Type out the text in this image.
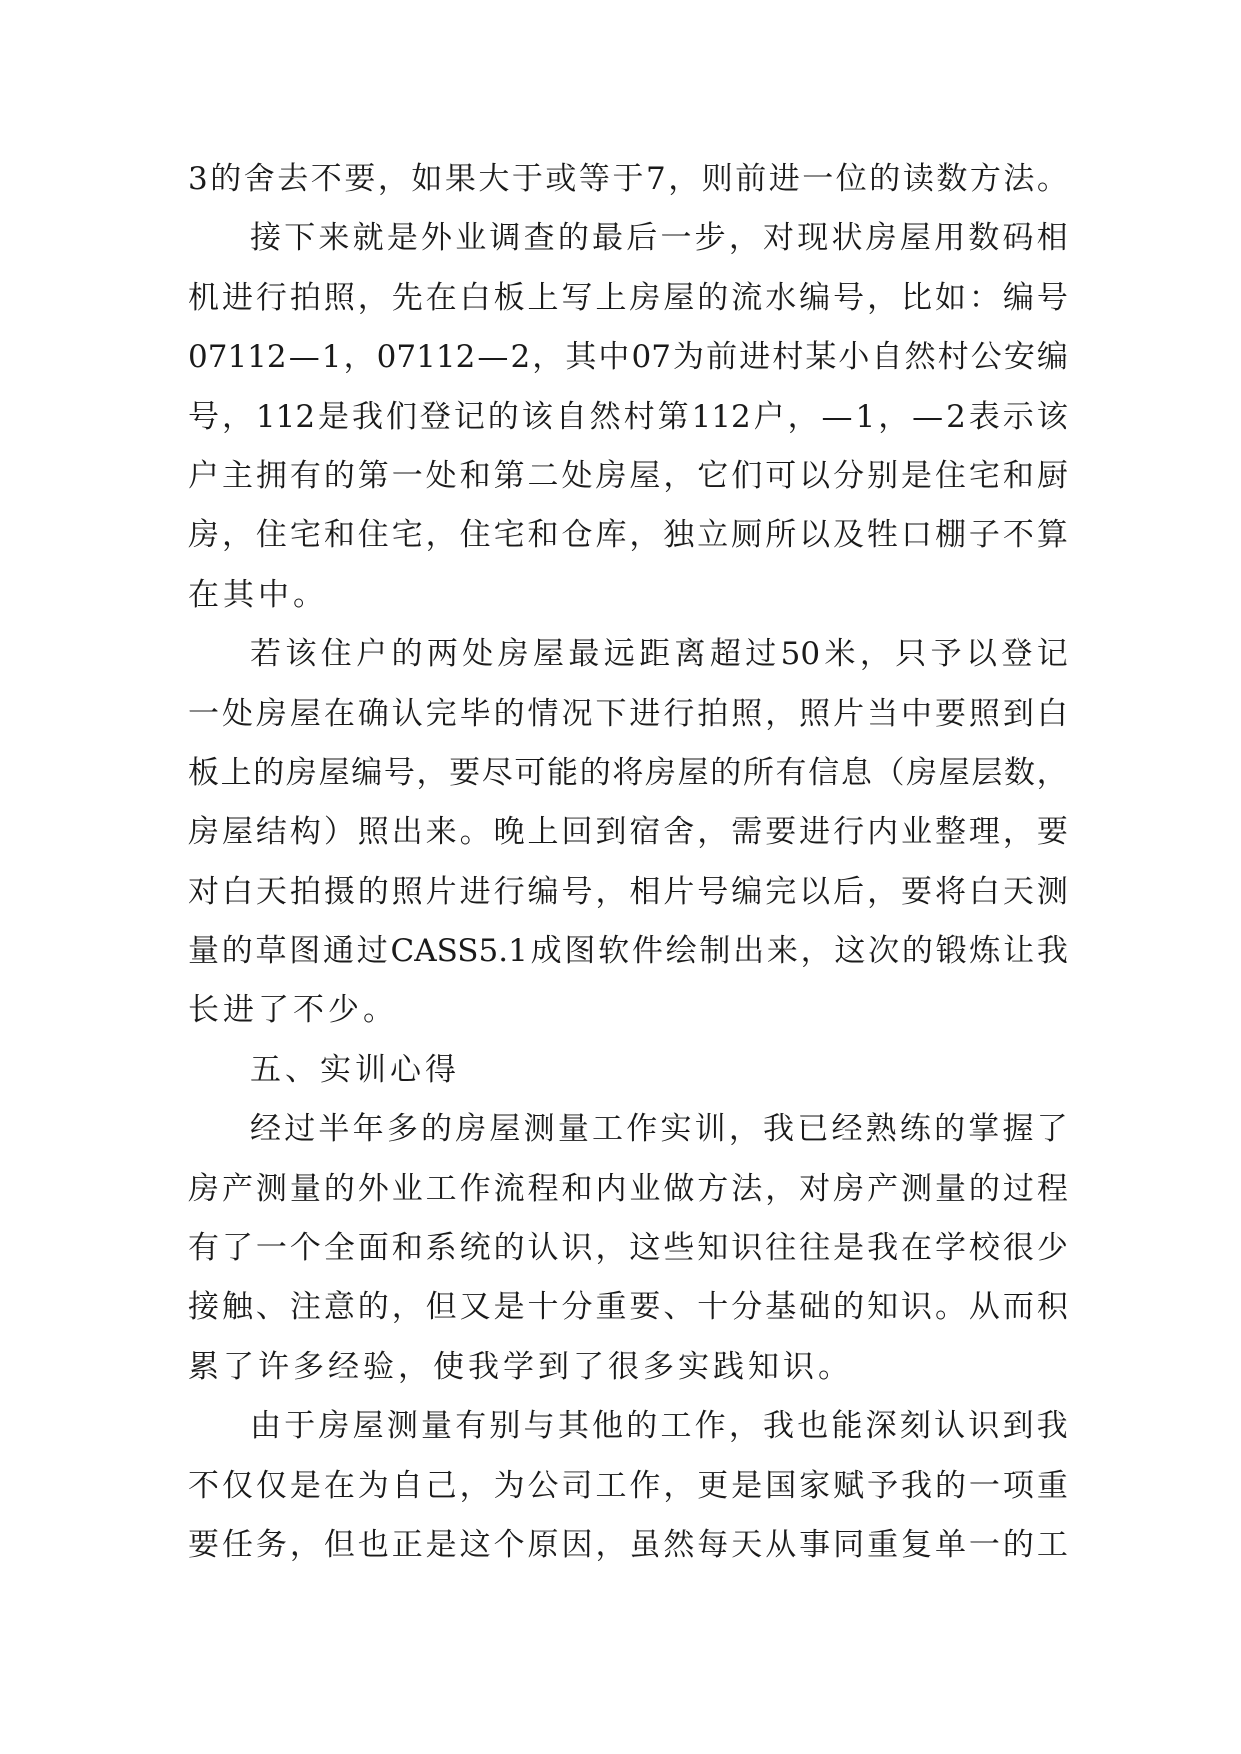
3 的 舍 去 不 要 ， 如 果 大 于 或 等 于 7 ， 则 前 进 一 位 的 读 数 方 法 。
接 下 来 就 是 外 业 调 查 的 最 后 一 步 ， 对 现 状 房 屋 用 数 码 相
机 进 行 拍 照 ， 先 在 白 板 上 写 上 房 屋 的 流 水 编 号 ， 比 如 ： 编 号
07112 — 1 ， 07112 — 2 ， 其 中 07 为 前 进 村 某 小 自 然 村 公 安 编
号 ， 112 是 我 们 登 记 的 该 自 然 村 第 112 户 ， — 1 ， — 2 表 示 该
户 主 拥 有 的 第 一 处 和 第 二 处 房 屋 ， 它 们 可 以 分 别 是 住 宅 和 厨
房 ， 住 宅 和 住 宅 ， 住 宅 和 仓 库 ， 独 立 厕 所 以 及 牲 口 棚 子 不 算
在其中。
若 该 住 户 的 两 处 房 屋 最 远 距 离 超 过 50 米 ， 只 予 以 登 记
一 处 房 屋 在 确 认 完 毕 的 情 况 下 进 行 拍 照 ， 照 片 当 中 要 照 到 白
板 上 的 房 屋 编 号 ， 要 尽 可 能 的 将 房 屋 的 所 有 信 息 （ 房 屋 层 数 ，
房 屋 结 构 ） 照 出 来 。 晚 上 回 到 宿 舍 ， 需 要 进 行 内 业 整 理 ， 要
对 白 天 拍 摄 的 照 片 进 行 编 号 ， 相 片 号 编 完 以 后 ， 要 将 白 天 测
量 的 草 图 通 过 CASS5.1 成 图 软 件 绘 制 出 来 ， 这 次 的 锻 炼 让 我
长进了不少。
五、实训心得
经 过 半 年 多 的 房 屋 测 量 工 作 实 训 ， 我 已 经 熟 练 的 掌 握 了
房 产 测 量 的 外 业 工 作 流 程 和 内 业 做 方 法 ， 对 房 产 测 量 的 过 程
有 了 一 个 全 面 和 系 统 的 认 识 ， 这 些 知 识 往 往 是 我 在 学 校 很 少
接 触 、 注 意 的 ， 但 又 是 十 分 重 要 、 十 分 基 础 的 知 识 。 从 而 积
累了许多经验，使我学到了很多实践知识。
由 于 房 屋 测 量 有 别 与 其 他 的 工 作 ， 我 也 能 深 刻 认 识 到 我
不 仅 仅 是 在 为 自 己 ， 为 公 司 工 作 ， 更 是 国 家 赋 予 我 的 一 项 重
要 任 务 ， 但 也 正 是 这 个 原 因 ， 虽 然 每 天 从 事 同 重 复 单 一 的 工
